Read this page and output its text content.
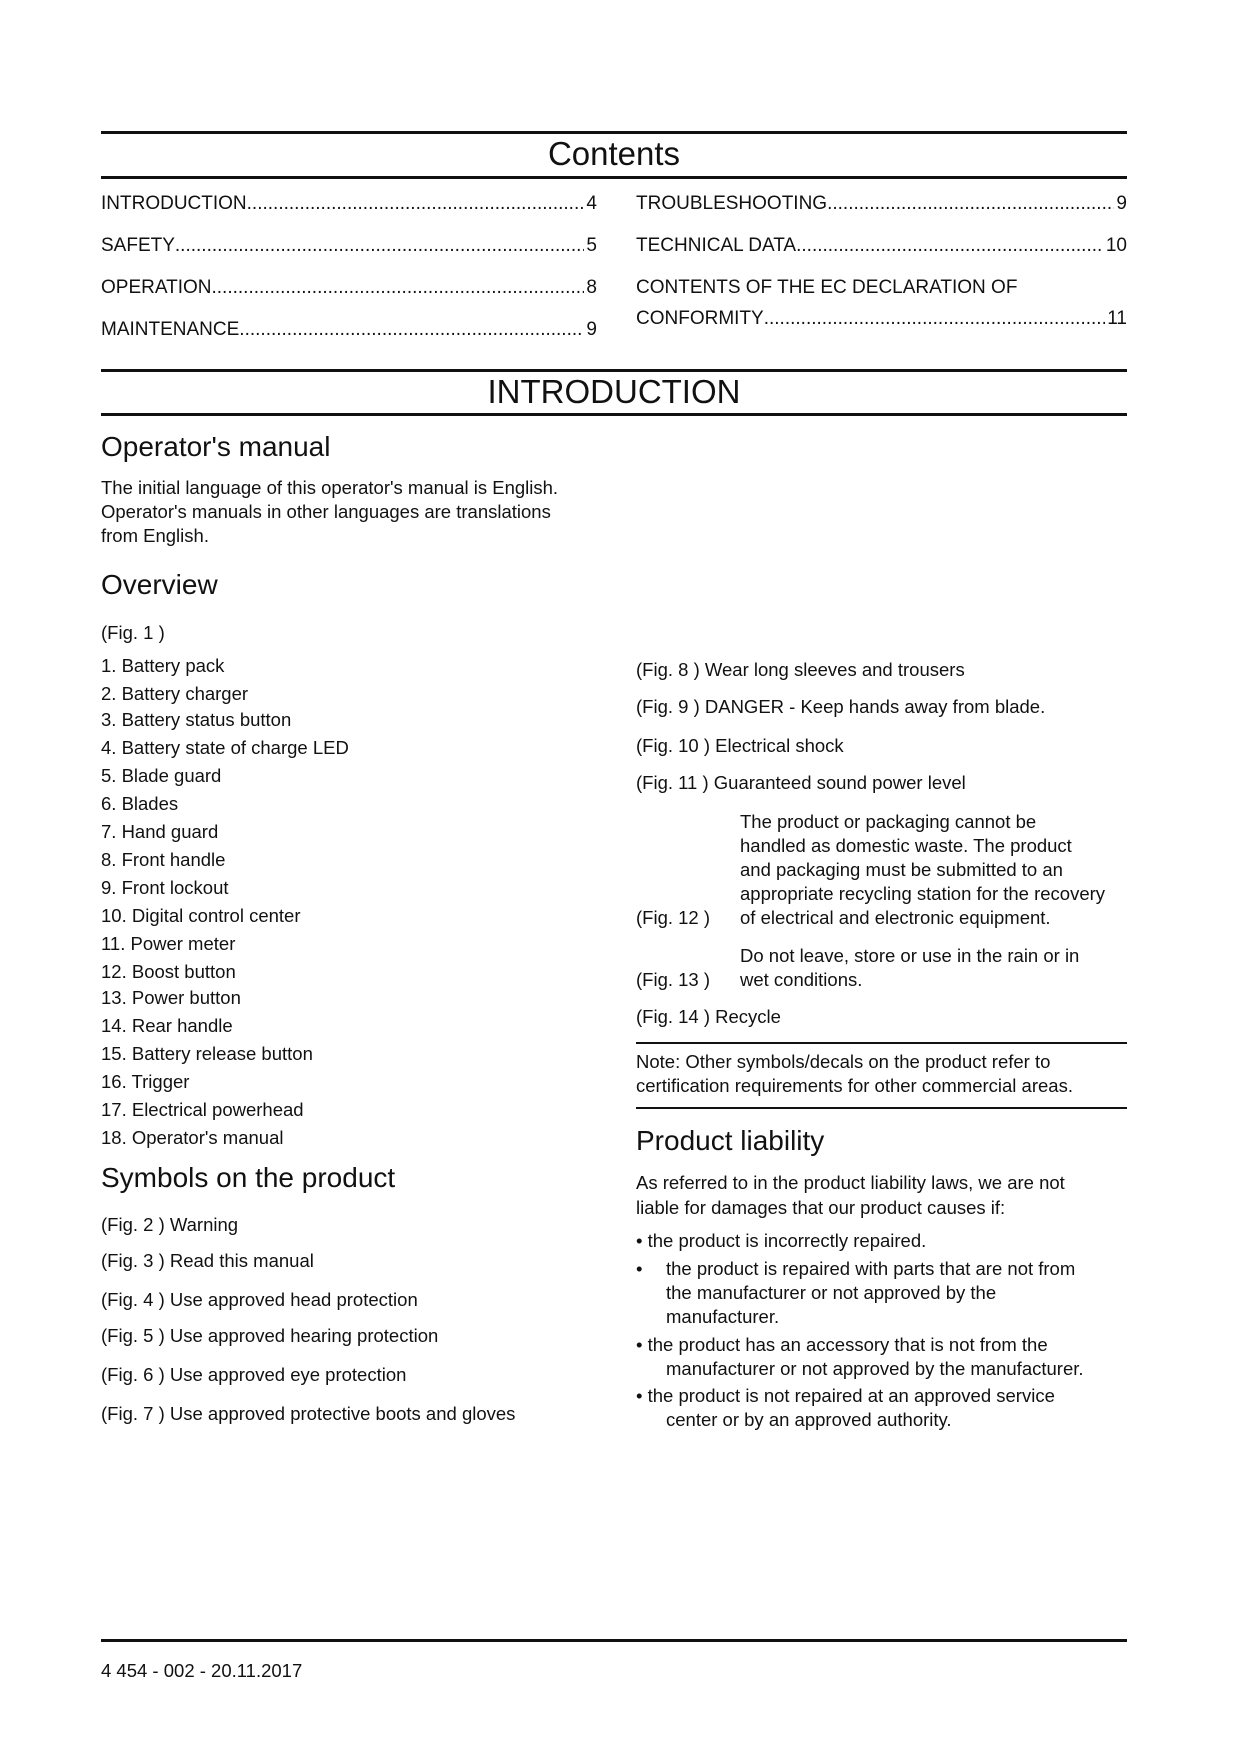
Contents
INTRODUCTION .....	4
SAFETY .....	5
OPERATION .....	8
MAINTENANCE .....	9
TROUBLESHOOTING .....	9
TECHNICAL DATA .....	10
CONTENTS OF THE EC DECLARATION OF
CONFORMITY .....	11
INTRODUCTION
Operator's manual
The initial language of this operator's manual is English.
Operator's manuals in other languages are translations
from English.
Overview
(Fig. 1 )
1. Battery pack
2. Battery charger
3. Battery status button
4. Battery state of charge LED
5. Blade guard
6. Blades
7. Hand guard
8. Front handle
9. Front lockout
10. Digital control center
11. Power meter
12. Boost button
13. Power button
14. Rear handle
15. Battery release button
16. Trigger
17. Electrical powerhead
18. Operator's manual
Symbols on the product
(Fig. 2 ) Warning
(Fig. 3 ) Read this manual
(Fig. 4 ) Use approved head protection
(Fig. 5 ) Use approved hearing protection
(Fig. 6 ) Use approved eye protection
(Fig. 7 ) Use approved protective boots and gloves
(Fig. 8 ) Wear long sleeves and trousers
(Fig. 9 ) DANGER - Keep hands away from blade.
(Fig. 10 ) Electrical shock
(Fig. 11 ) Guaranteed sound power level
(Fig. 12 )
The product or packaging cannot be
handled as domestic waste. The product
and packaging must be submitted to an
appropriate recycling station for the recovery
of electrical and electronic equipment.
(Fig. 13 )
Do not leave, store or use in the rain or in
wet conditions.
(Fig. 14 ) Recycle
Note: Other symbols/decals on the product refer to
certification requirements for other commercial areas.
Product liability
As referred to in the product liability laws, we are not
liable for damages that our product causes if:
• the product is incorrectly repaired.
• the product is repaired with parts that are not from
the manufacturer or not approved by the
manufacturer.
• the product has an accessory that is not from the
manufacturer or not approved by the manufacturer.
• the product is not repaired at an approved service
center or by an approved authority.
4 454 - 002 - 20.11.2017
